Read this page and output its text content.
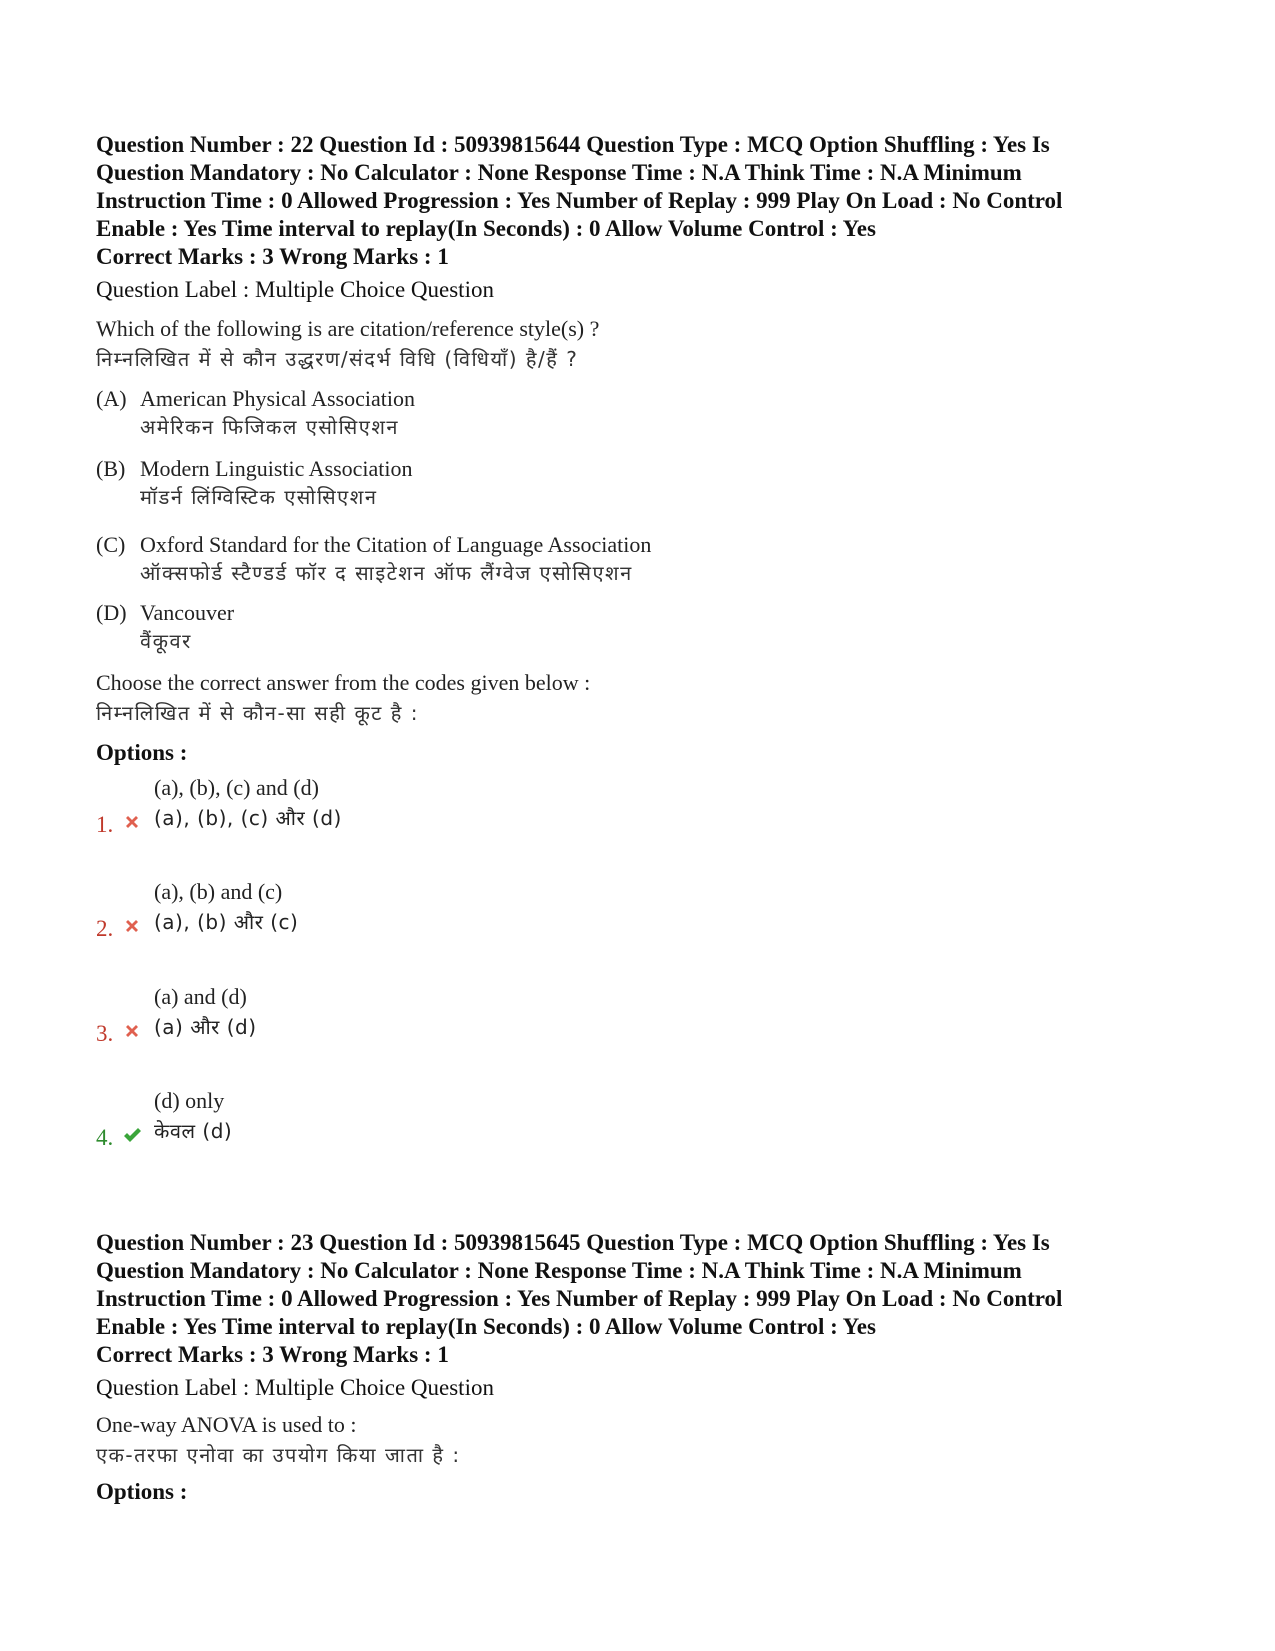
Question Number : 22 Question Id : 50939815644 Question Type : MCQ Option Shuffling : Yes Is
Question Mandatory : No Calculator : None Response Time : N.A Think Time : N.A Minimum
Instruction Time : 0 Allowed Progression : Yes Number of Replay : 999 Play On Load : No Control
Enable : Yes Time interval to replay(In Seconds) : 0 Allow Volume Control : Yes
Correct Marks : 3 Wrong Marks : 1
Question Label : Multiple Choice Question
Which of the following is are citation/reference style(s) ?
निम्नलिखित में से कौन उद्धरण/संदर्भ विधि (विधियाँ) है/हैं ?
(A) American Physical Association
अमेरिकन फिजिकल एसोसिएशन
(B) Modern Linguistic Association
मॉडर्न लिंग्विस्टिक एसोसिएशन
(C) Oxford Standard for the Citation of Language Association
ऑक्सफोर्ड स्टैण्डर्ड फॉर द साइटेशन ऑफ लैंग्वेज एसोसिएशन
(D) Vancouver
वैंकूवर
Choose the correct answer from the codes given below :
निम्नलिखित में से कौन-सा सही कूट है :
Options :
1.
(a), (b), (c) and (d)
(a), (b), (c) और (d)
2.
(a), (b) and (c)
(a), (b) और (c)
3.
(a) and (d)
(a) और (d)
4.
(d) only
केवल (d)
Question Number : 23 Question Id : 50939815645 Question Type : MCQ Option Shuffling : Yes Is
Question Mandatory : No Calculator : None Response Time : N.A Think Time : N.A Minimum
Instruction Time : 0 Allowed Progression : Yes Number of Replay : 999 Play On Load : No Control
Enable : Yes Time interval to replay(In Seconds) : 0 Allow Volume Control : Yes
Correct Marks : 3 Wrong Marks : 1
Question Label : Multiple Choice Question
One-way ANOVA is used to :
एक-तरफा एनोवा का उपयोग किया जाता है :
Options :
